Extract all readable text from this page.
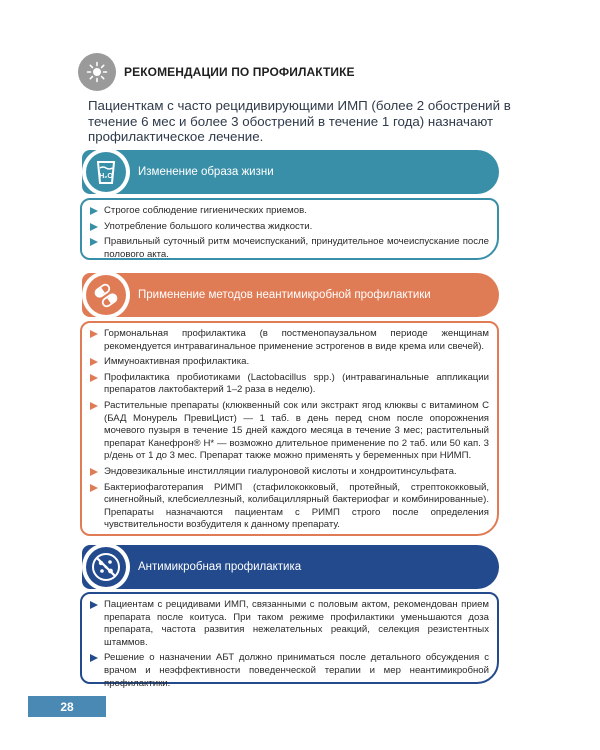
РЕКОМЕНДАЦИИ ПО ПРОФИЛАКТИКЕ

Пациенткам с часто рецидивирующими ИМП (более 2 обострений в течение 6 мес и более 3 обострений в течение 1 года) назначают профилактическое лечение.

H₂O Изменение образа жизни
Строгое соблюдение гигиенических приемов.
Употребление большого количества жидкости.
Правильный суточный ритм мочеиспусканий, принудительное мочеиспускание после полового акта.
Применение методов неантимикробной профилактики
Гормональная профилактика (в постменопаузальном периоде женщинам рекомендуется интравагинальное применение эстрогенов в виде крема или свечей).
Иммуноактивная профилактика.
Профилактика пробиотиками (Lactobacillus spp.) (интравагинальные аппликации препаратов лактобактерий 1–2 раза в неделю).
Растительные препараты (клюквенный сок или экстракт ягод клюквы с витамином С (БАД Монурель ПревиЦист) — 1 таб. в день перед сном после опорожнения мочевого пузыря в течение 15 дней каждого месяца в течение 3 мес; растительный препарат Канефрон® Н* — возможно длительное применение по 2 таб. или 50 кап. 3 р/день от 1 до 3 мес. Препарат также можно применять у беременных при НИМП.
Эндовезикальные инстилляции гиалуроновой кислоты и хондроитинсульфата.
Бактериофаготерапия РИМП (стафилококковый, протейный, стрептококковый, синегнойный, клебсиеллезный, колибациллярный бактериофаг и комбинированные). Препараты назначаются пациентам с РИМП строго после определения чувствительности возбудителя к данному препарату.
Антимикробная профилактика
Пациентам с рецидивами ИМП, связанными с половым актом, рекомендован прием препарата после коитуса. При таком режиме профилактики уменьшаются доза препарата, частота развития нежелательных реакций, селекция резистентных штаммов.
Решение о назначении АБТ должно приниматься после детального обсуждения с врачом и неэффективности поведенческой терапии и мер неантимикробной профилактики.
28
